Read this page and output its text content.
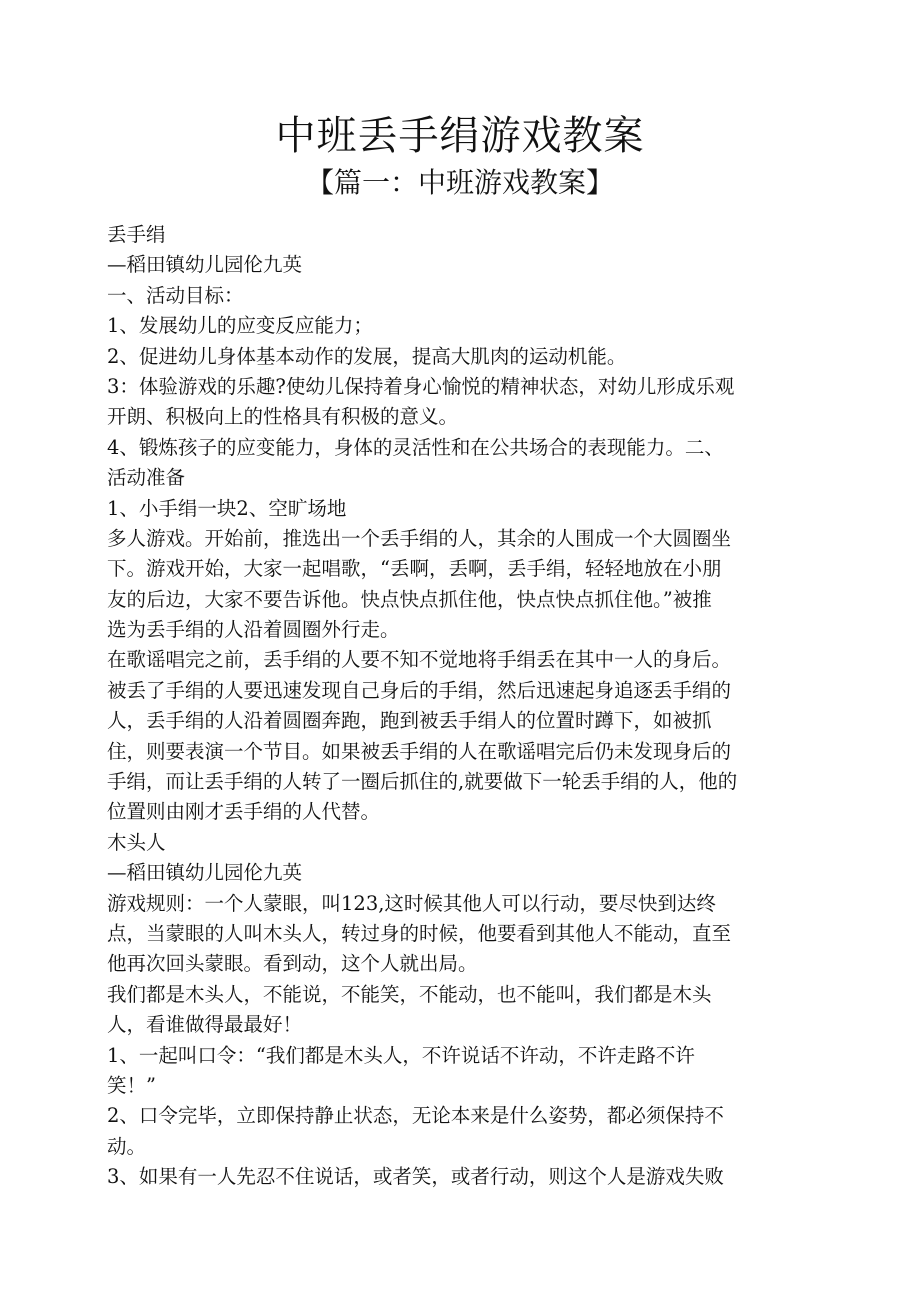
中班丢手绢游戏教案
【篇一：中班游戏教案】
丢手绢
—稻田镇幼儿园伦九英
一、活动目标：
1、发展幼儿的应变反应能力；
2、促进幼儿身体基本动作的发展，提高大肌肉的运动机能。
3：体验游戏的乐趣?使幼儿保持着身心愉悦的精神状态，对幼儿形成乐观
开朗、积极向上的性格具有积极的意义。
4、锻炼孩子的应变能力，身体的灵活性和在公共场合的表现能力。二、
活动准备
1、小手绢一块2、空旷场地
多人游戏。开始前，推选出一个丢手绢的人，其余的人围成一个大圆圈坐
下。游戏开始，大家一起唱歌，“丢啊，丢啊，丢手绢，轻轻地放在小朋
友的后边，大家不要告诉他。快点快点抓住他，快点快点抓住他。”被推
选为丢手绢的人沿着圆圈外行走。
在歌谣唱完之前，丢手绢的人要不知不觉地将手绢丢在其中一人的身后。
被丢了手绢的人要迅速发现自己身后的手绢，然后迅速起身追逐丢手绢的
人，丢手绢的人沿着圆圈奔跑，跑到被丢手绢人的位置时蹲下，如被抓
住，则要表演一个节目。如果被丢手绢的人在歌谣唱完后仍未发现身后的
手绢，而让丢手绢的人转了一圈后抓住的,就要做下一轮丢手绢的人，他的
位置则由刚才丢手绢的人代替。
木头人
—稻田镇幼儿园伦九英
游戏规则：一个人蒙眼，叫123,这时候其他人可以行动，要尽快到达终
点，当蒙眼的人叫木头人，转过身的时候，他要看到其他人不能动，直至
他再次回头蒙眼。看到动，这个人就出局。
我们都是木头人，不能说，不能笑，不能动，也不能叫，我们都是木头
人，看谁做得最最好！
1、一起叫口令：“我们都是木头人，不许说话不许动，不许走路不许
笑！”
2、口令完毕，立即保持静止状态，无论本来是什么姿势，都必须保持不
动。
3、如果有一人先忍不住说话，或者笑，或者行动，则这个人是游戏失败
